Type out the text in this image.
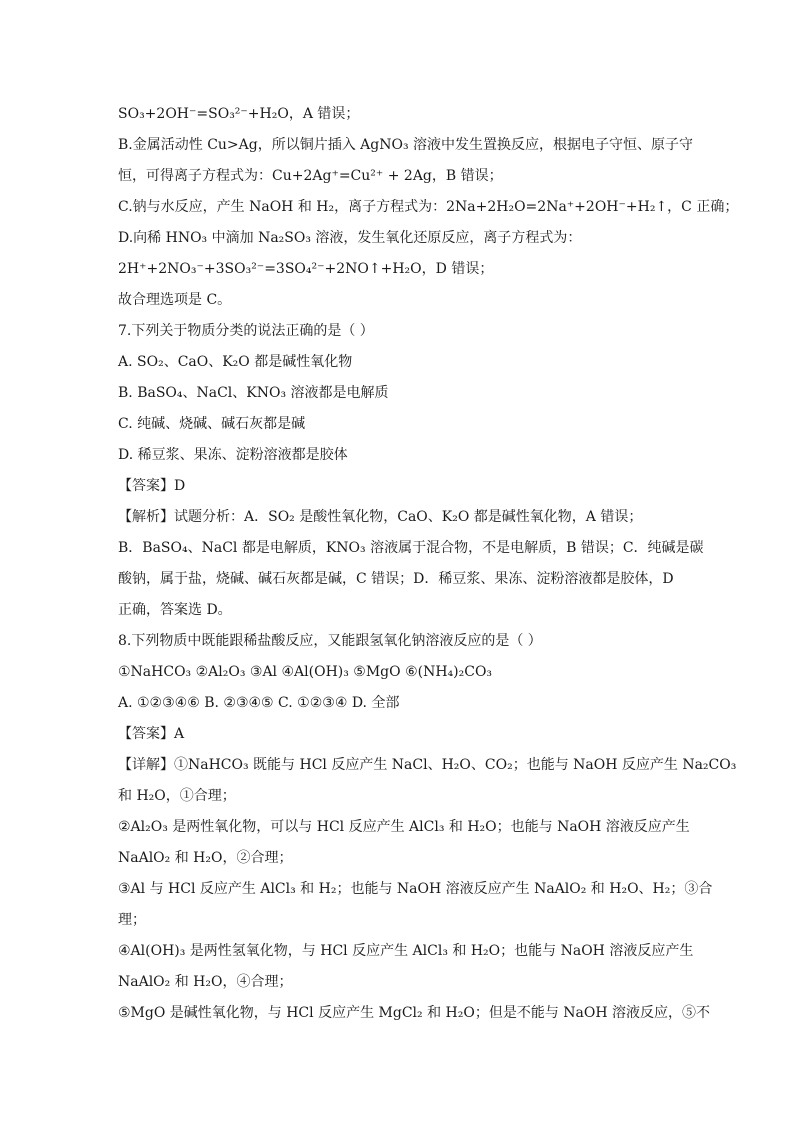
SO₃+2OH⁻=SO₃²⁻+H₂O，A 错误；
B.金属活动性 Cu>Ag，所以铜片插入 AgNO₃ 溶液中发生置换反应，根据电子守恒、原子守
恒，可得离子方程式为：Cu+2Ag⁺=Cu²⁺ + 2Ag，B 错误；
C.钠与水反应，产生 NaOH 和 H₂，离子方程式为：2Na+2H₂O=2Na⁺+2OH⁻+H₂↑，C 正确；
D.向稀 HNO₃ 中滴加 Na₂SO₃ 溶液，发生氧化还原反应，离子方程式为：
2H⁺+2NO₃⁻+3SO₃²⁻=3SO₄²⁻+2NO↑+H₂O，D 错误；
故合理选项是 C。
7.下列关于物质分类的说法正确的是（ ）
A. SO₂、CaO、K₂O 都是碱性氧化物
B. BaSO₄、NaCl、KNO₃ 溶液都是电解质
C. 纯碱、烧碱、碱石灰都是碱
D. 稀豆浆、果冻、淀粉溶液都是胶体
【答案】D
【解析】试题分析：A．SO₂ 是酸性氧化物，CaO、K₂O 都是碱性氧化物，A 错误；
B．BaSO₄、NaCl 都是电解质，KNO₃ 溶液属于混合物，不是电解质，B 错误；C．纯碱是碳
酸钠，属于盐，烧碱、碱石灰都是碱，C 错误；D．稀豆浆、果冻、淀粉溶液都是胶体，D
正确，答案选 D。
8.下列物质中既能跟稀盐酸反应，又能跟氢氧化钠溶液反应的是（ ）
①NaHCO₃ ②Al₂O₃ ③Al ④Al(OH)₃ ⑤MgO ⑥(NH₄)₂CO₃
A. ①②③④⑥ B. ②③④⑤ C. ①②③④ D. 全部
【答案】A
【详解】①NaHCO₃ 既能与 HCl 反应产生 NaCl、H₂O、CO₂；也能与 NaOH 反应产生 Na₂CO₃
和 H₂O，①合理；
②Al₂O₃ 是两性氧化物，可以与 HCl 反应产生 AlCl₃ 和 H₂O；也能与 NaOH 溶液反应产生
NaAlO₂ 和 H₂O，②合理；
③Al 与 HCl 反应产生 AlCl₃ 和 H₂；也能与 NaOH 溶液反应产生 NaAlO₂ 和 H₂O、H₂；③合
理；
④Al(OH)₃ 是两性氢氧化物，与 HCl 反应产生 AlCl₃ 和 H₂O；也能与 NaOH 溶液反应产生
NaAlO₂ 和 H₂O，④合理；
⑤MgO 是碱性氧化物，与 HCl 反应产生 MgCl₂ 和 H₂O；但是不能与 NaOH 溶液反应，⑤不
